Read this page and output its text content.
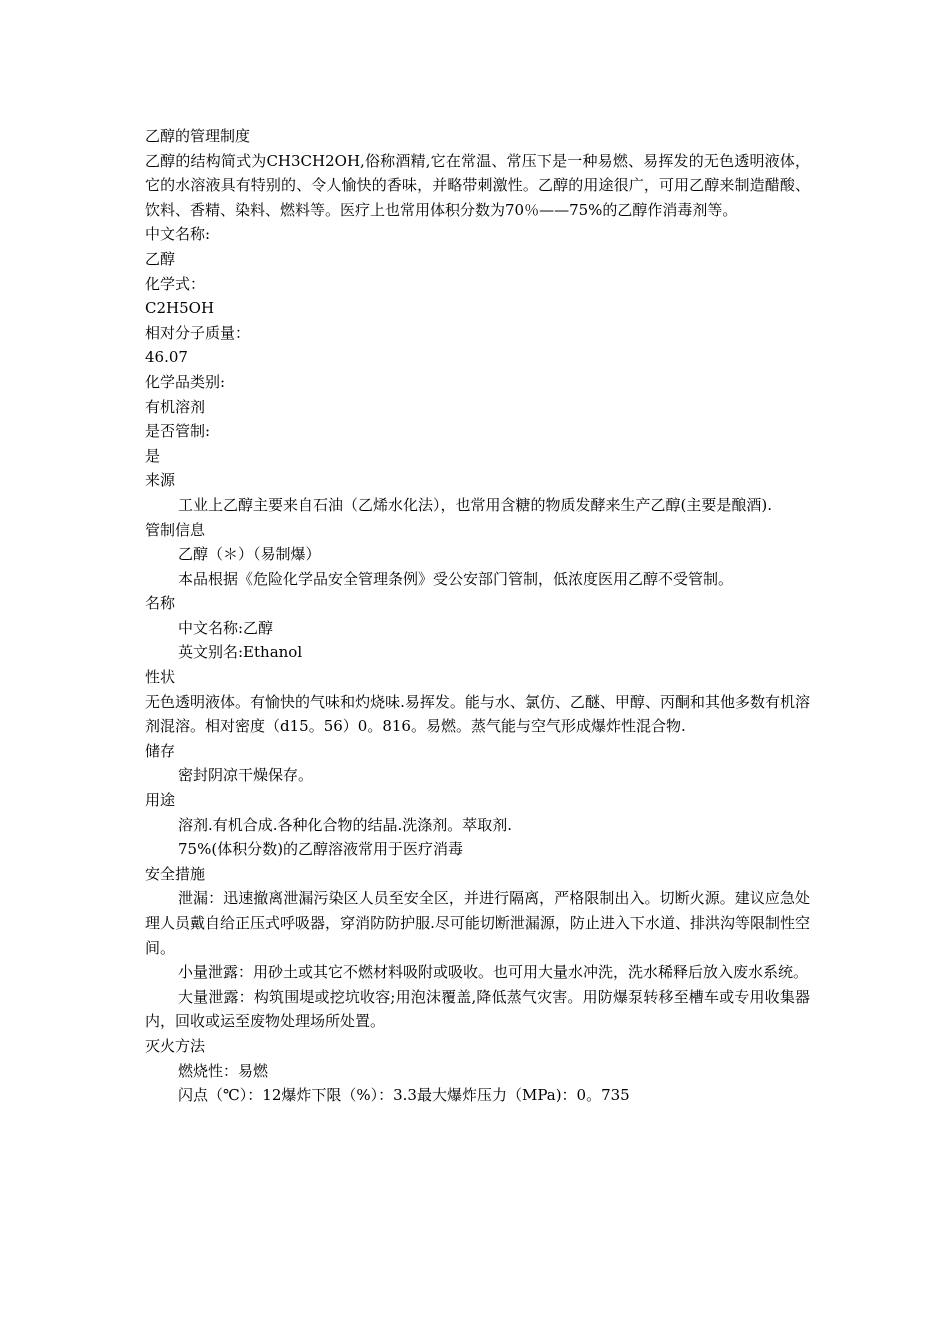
乙醇的管理制度

乙醇的结构简式为CH3CH2OH,俗称酒精,它在常温、常压下是一种易燃、易挥发的无色透明液体，它的水溶液具有特别的、令人愉快的香味，并略带刺激性。乙醇的用途很广，可用乙醇来制造醋酸、饮料、香精、染料、燃料等。医疗上也常用体积分数为70％——75%的乙醇作消毒剂等。

中文名称:

乙醇

化学式：

C2H5OH

相对分子质量：

46.07

化学品类别:

有机溶剂

是否管制:

是

来源

工业上乙醇主要来自石油（乙烯水化法），也常用含糖的物质发酵来生产乙醇(主要是酿酒).

管制信息

乙醇（＊）（易制爆）

本品根据《危险化学品安全管理条例》受公安部门管制，低浓度医用乙醇不受管制。

名称

中文名称:乙醇

英文别名:Ethanol

性状

无色透明液体。有愉快的气味和灼烧味.易挥发。能与水、氯仿、乙醚、甲醇、丙酮和其他多数有机溶剂混溶。相对密度（d15。56）0。816。易燃。蒸气能与空气形成爆炸性混合物.

储存

密封阴凉干燥保存。

用途

溶剂.有机合成.各种化合物的结晶.洗涤剂。萃取剂.

75%(体积分数)的乙醇溶液常用于医疗消毒

安全措施

泄漏：迅速撤离泄漏污染区人员至安全区，并进行隔离，严格限制出入。切断火源。建议应急处理人员戴自给正压式呼吸器，穿消防防护服.尽可能切断泄漏源，防止进入下水道、排洪沟等限制性空间。

小量泄露：用砂土或其它不燃材料吸附或吸收。也可用大量水冲洗，洗水稀释后放入废水系统。

大量泄露：构筑围堤或挖坑收容;用泡沫覆盖,降低蒸气灾害。用防爆泵转移至槽车或专用收集器内，回收或运至废物处理场所处置。

灭火方法

燃烧性：易燃

闪点（℃）：12爆炸下限（%）：3.3最大爆炸压力（MPa)：0。735
